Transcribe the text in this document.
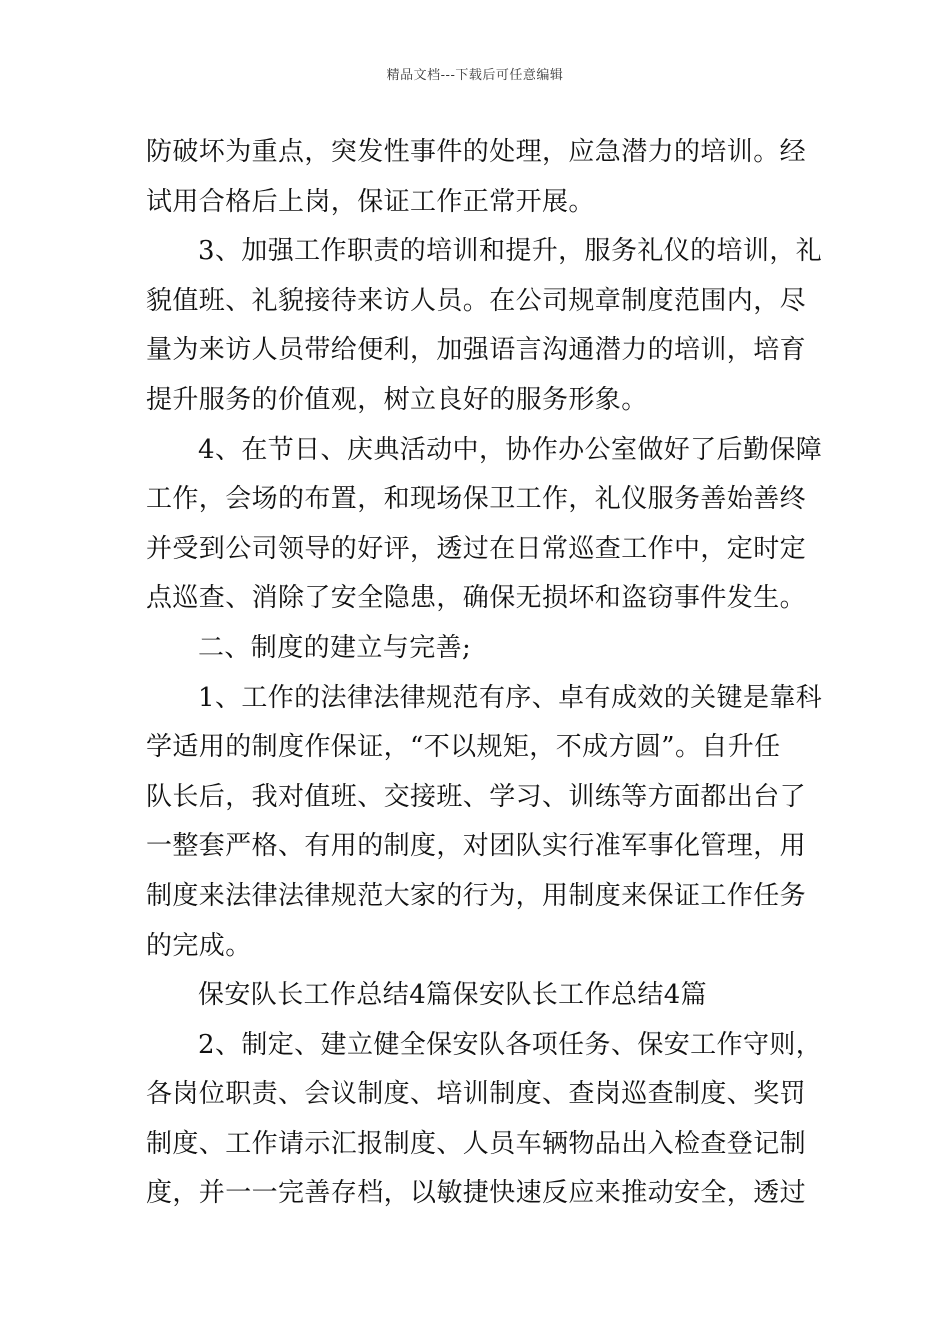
精品文档---下载后可任意编辑
防破坏为重点，突发性事件的处理，应急潜力的培训。经
试用合格后上岗，保证工作正常开展。
3、加强工作职责的培训和提升，服务礼仪的培训，礼
貌值班、礼貌接待来访人员。在公司规章制度范围内，尽
量为来访人员带给便利，加强语言沟通潜力的培训，培育
提升服务的价值观，树立良好的服务形象。
4、在节日、庆典活动中，协作办公室做好了后勤保障
工作，会场的布置，和现场保卫工作，礼仪服务善始善终
并受到公司领导的好评，透过在日常巡查工作中，定时定
点巡查、消除了安全隐患，确保无损坏和盗窃事件发生。
二、制度的建立与完善;
1、工作的法律法律规范有序、卓有成效的关键是靠科
学适用的制度作保证，“不以规矩，不成方圆”。自升任
队长后，我对值班、交接班、学习、训练等方面都出台了
一整套严格、有用的制度，对团队实行准军事化管理，用
制度来法律法律规范大家的行为，用制度来保证工作任务
的完成。
保安队长工作总结4篇保安队长工作总结4篇
2、制定、建立健全保安队各项任务、保安工作守则，
各岗位职责、会议制度、培训制度、查岗巡查制度、奖罚
制度、工作请示汇报制度、人员车辆物品出入检查登记制
度，并一一完善存档，以敏捷快速反应来推动安全，透过
